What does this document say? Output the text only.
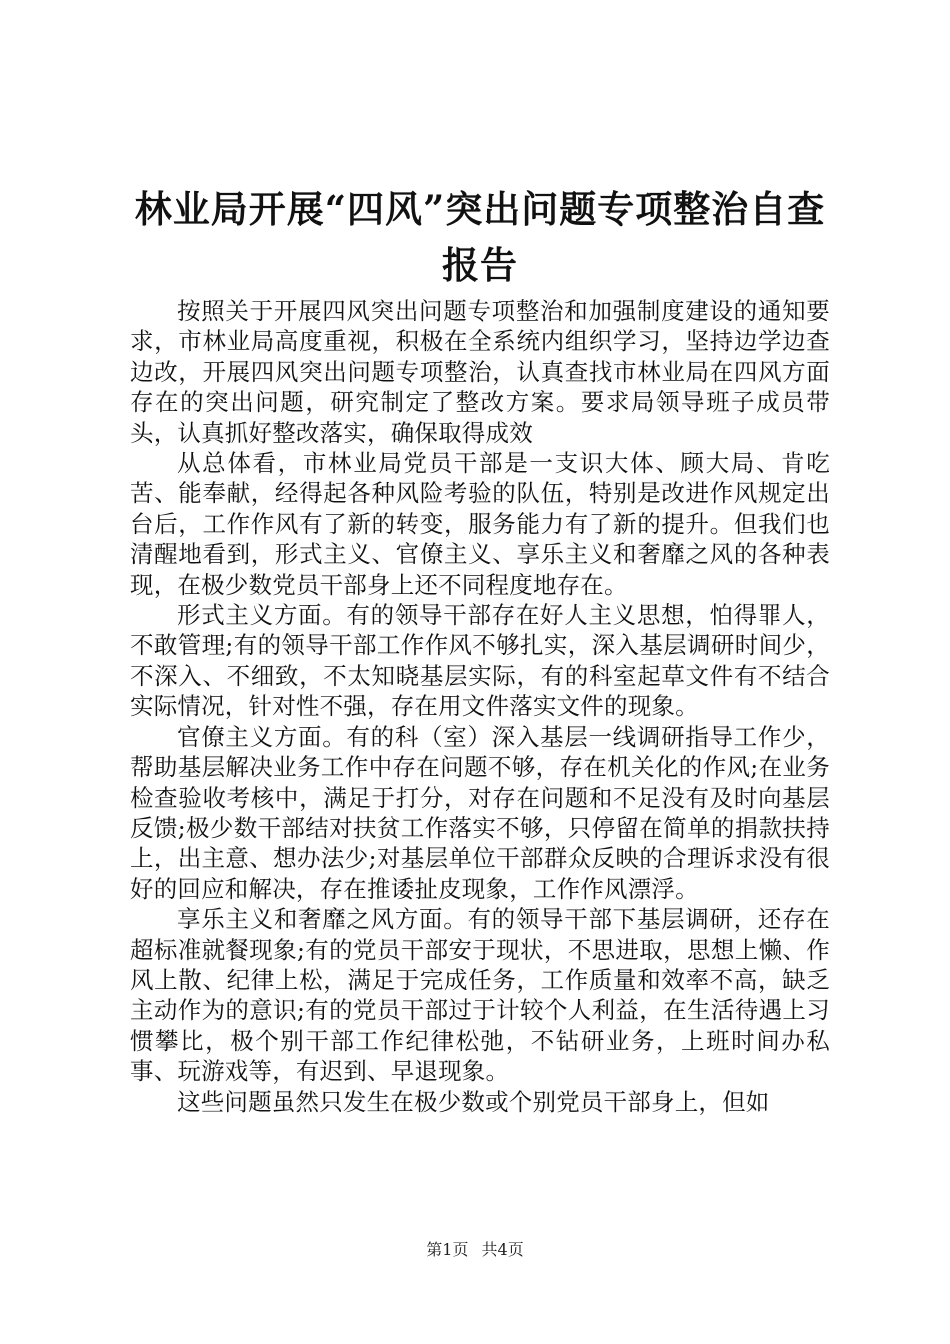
林业局开展“四风”突出问题专项整治自查报告

按照关于开展四风突出问题专项整治和加强制度建设的通知要求，市林业局高度重视，积极在全系统内组织学习，坚持边学边查边改，开展四风突出问题专项整治，认真查找市林业局在四风方面存在的突出问题，研究制定了整改方案。要求局领导班子成员带头，认真抓好整改落实，确保取得成效

从总体看，市林业局党员干部是一支识大体、顾大局、肯吃苦、能奉献，经得起各种风险考验的队伍，特别是改进作风规定出台后，工作作风有了新的转变，服务能力有了新的提升。但我们也清醒地看到，形式主义、官僚主义、享乐主义和奢靡之风的各种表现，在极少数党员干部身上还不同程度地存在。

形式主义方面。有的领导干部存在好人主义思想，怕得罪人，不敢管理;有的领导干部工作作风不够扎实，深入基层调研时间少，不深入、不细致，不太知晓基层实际，有的科室起草文件有不结合实际情况，针对性不强，存在用文件落实文件的现象。

官僚主义方面。有的科（室）深入基层一线调研指导工作少，帮助基层解决业务工作中存在问题不够，存在机关化的作风;在业务检查验收考核中，满足于打分，对存在问题和不足没有及时向基层反馈;极少数干部结对扶贫工作落实不够，只停留在简单的捐款扶持上，出主意、想办法少;对基层单位干部群众反映的合理诉求没有很好的回应和解决，存在推诿扯皮现象，工作作风漂浮。

享乐主义和奢靡之风方面。有的领导干部下基层调研，还存在超标准就餐现象;有的党员干部安于现状，不思进取，思想上懒、作风上散、纪律上松，满足于完成任务，工作质量和效率不高，缺乏主动作为的意识;有的党员干部过于计较个人利益，在生活待遇上习惯攀比，极个别干部工作纪律松弛，不钻研业务，上班时间办私事、玩游戏等，有迟到、早退现象。

这些问题虽然只发生在极少数或个别党员干部身上，但如

第1页 共4页
